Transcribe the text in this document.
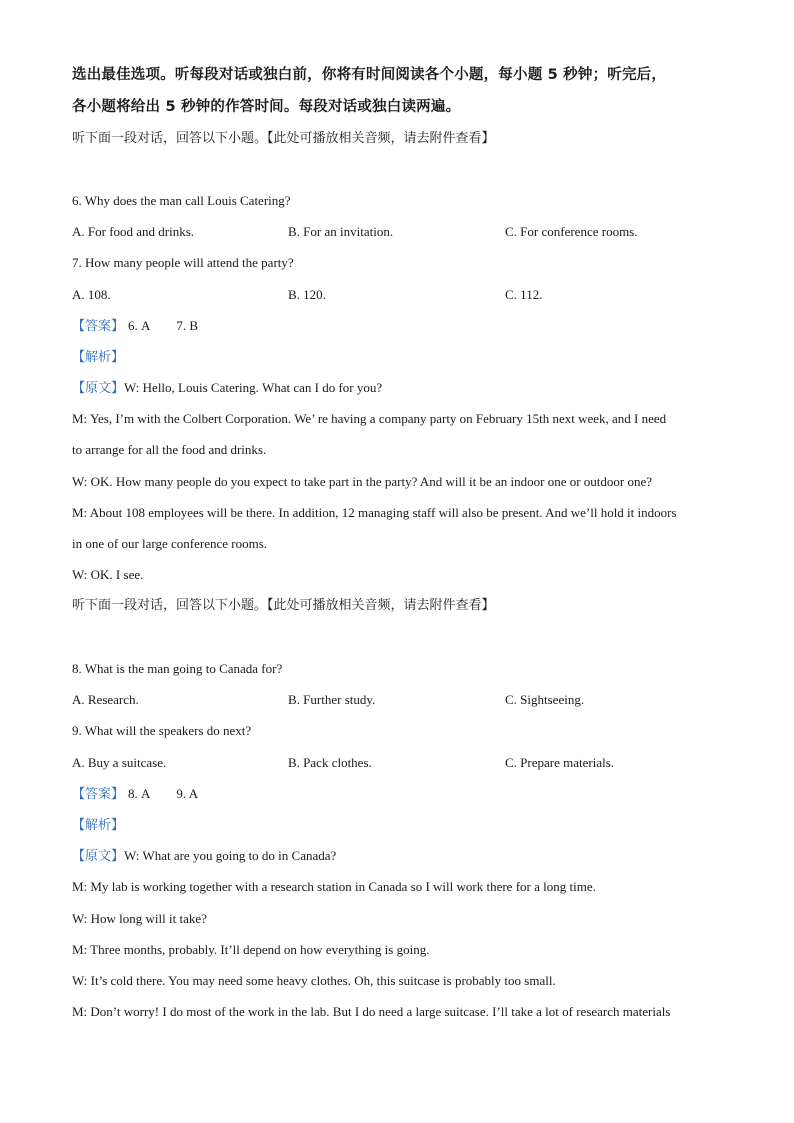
选出最佳选项。听每段对话或独白前，你将有时间阅读各个小题，每小题 5 秒钟；听完后，
各小题将给出 5 秒钟的作答时间。每段对话或独白读两遍。
听下面一段对话，回答以下小题。【此处可播放相关音频，请去附件查看】
6. Why does the man call Louis Catering?
A. For food and drinks.	B. For an invitation.	C. For conference rooms.
7. How many people will attend the party?
A. 108.	B. 120.	C. 112.
【答案】 6. A 7. B
【解析】
【原文】W: Hello, Louis Catering. What can I do for you?
M: Yes, I’m with the Colbert Corporation. We’ re having a company party on February 15th next week, and I need
to arrange for all the food and drinks.
W: OK. How many people do you expect to take part in the party? And will it be an indoor one or outdoor one?
M: About 108 employees will be there. In addition, 12 managing staff will also be present. And we’ll hold it indoors
in one of our large conference rooms.
W: OK. I see.
听下面一段对话，回答以下小题。【此处可播放相关音频，请去附件查看】
8. What is the man going to Canada for?
A. Research.	B. Further study.	C. Sightseeing.
9. What will the speakers do next?
A. Buy a suitcase.	B. Pack clothes.	C. Prepare materials.
【答案】 8. A 9. A
【解析】
【原文】W: What are you going to do in Canada?
M: My lab is working together with a research station in Canada so I will work there for a long time.
W: How long will it take?
M: Three months, probably. It’ll depend on how everything is going.
W: It’s cold there. You may need some heavy clothes. Oh, this suitcase is probably too small.
M: Don’t worry! I do most of the work in the lab. But I do need a large suitcase. I’ll take a lot of research materials
